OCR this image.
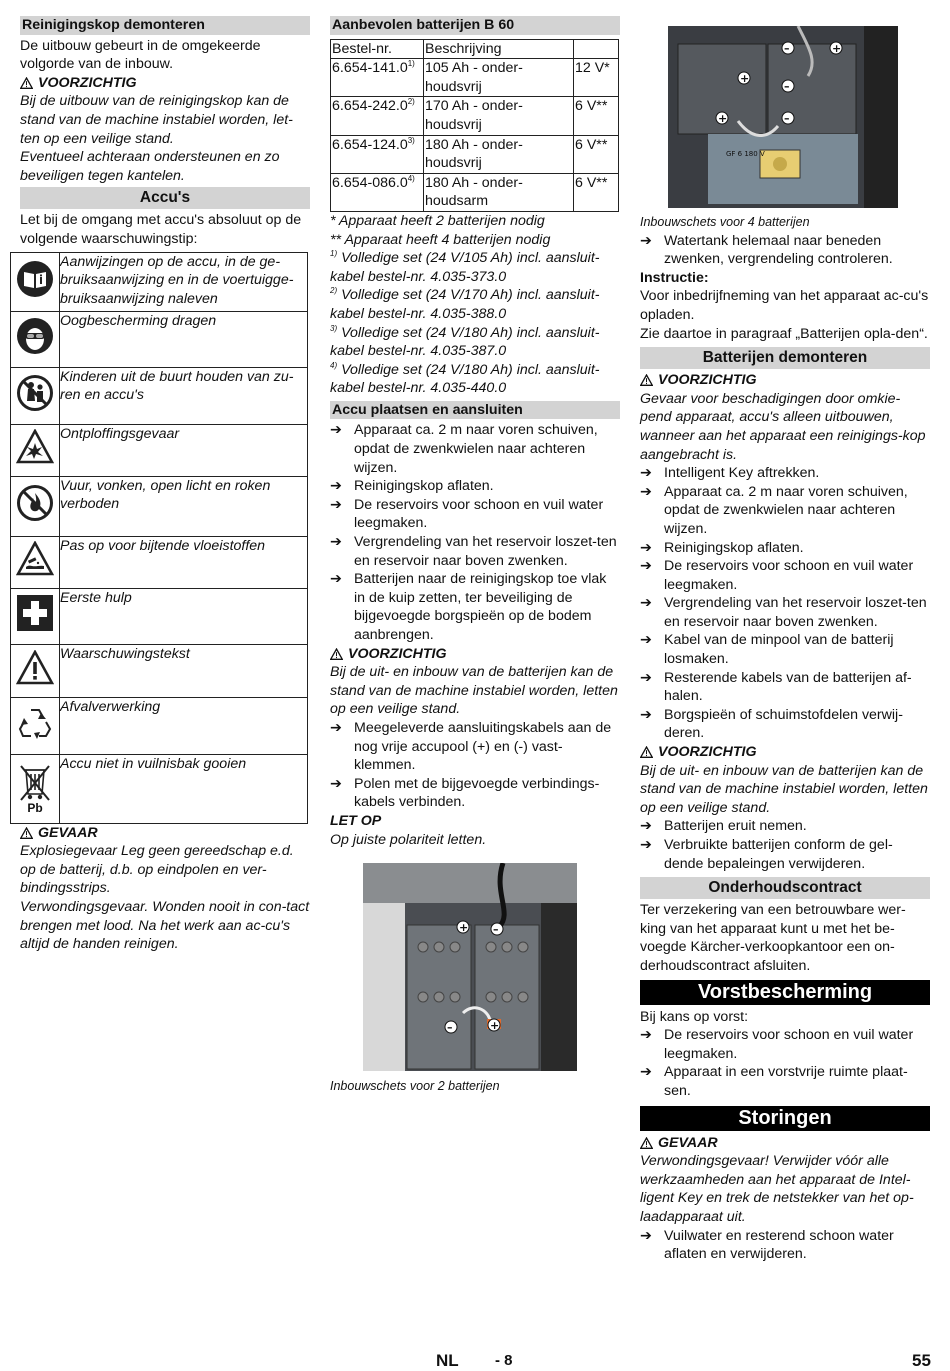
Reinigingskop demonteren

De uitbouw gebeurt in de omgekeerde volgorde van de inbouw.

VOORZICHTIG

Bij de uitbouw van de reinigingskop kan de stand van de machine instabiel worden, let-ten op een veilige stand.

Eventueel achteraan ondersteunen en zo beveiligen tegen kantelen.

Accu's

Let bij de omgang met accu's absoluut op de volgende waarschuwingstip:

	Aanwijzingen op de accu, in de ge-bruiksaanwijzing en in de voertuigge-bruiksaanwijzing naleven
	Oogbescherming dragen
	Kinderen uit de buurt houden van zu-ren en accu's
	Ontploffingsgevaar
	Vuur, vonken, open licht en roken verboden
	Pas op voor bijtende vloeistoffen
	Eerste hulp
	Waarschuwingstekst
	Afvalverwerking

Pb	Accu niet in vuilnisbak gooien
GEVAAR

Explosiegevaar Leg geen gereedschap e.d. op de batterij, d.b. op eindpolen en ver-bindingsstrips.

Verwondingsgevaar. Wonden nooit in con-tact brengen met lood. Na het werk aan ac-cu's altijd de handen reinigen.

Aanbevolen batterijen B 60
Bestel-nr.	Beschrijving	
6.654-141.0$^{1)}$	105 Ah - onder-houdsvrij	12 V*
6.654-242.0$^{2)}$	170 Ah - onder-houdsvrij	6 V**
6.654-124.0$^{3)}$	180 Ah - onder-houdsvrij	6 V**
6.654-086.0$^{4)}$	180 Ah - onder-houdsarm	6 V**

* Apparaat heeft 2 batterijen nodig

** Apparaat heeft 4 batterijen nodig

$^{1)}$ Volledige set (24 V/105 Ah) incl. aansluit-kabel bestel-nr. 4.035-373.0

$^{2)}$ Volledige set (24 V/170 Ah) incl. aansluit-kabel bestel-nr. 4.035-388.0

$^{3)}$ Volledige set (24 V/180 Ah) incl. aansluit-kabel bestel-nr. 4.035-387.0

$^{4)}$ Volledige set (24 V/180 Ah) incl. aansluit-kabel bestel-nr. 4.035-440.0

Accu plaatsen en aansluiten
➔ Apparaat ca. 2 m naar voren schuiven, opdat de zwenkwielen naar achteren wijzen.
➔ Reinigingskop aflaten.
➔ De reservoirs voor schoon en vuil water leegmaken.
➔ Vergrendeling van het reservoir loszet-ten en reservoir naar boven zwenken.
➔ Batterijen naar de reinigingskop toe vlak in de kuip zetten, ter beveiliging de bijgevoegde borgspieën op de bodem aanbrengen.
VOORZICHTIG

Bij de uit- en inbouw van de batterijen kan de stand van de machine instabiel worden, letten op een veilige stand.

➔ Meegeleverde aansluitingskabels aan de nog vrije accupool (+) en (-) vast-klemmen.
➔ Polen met de bijgevoegde verbindings-kabels verbinden.

LET OP

Op juiste polariteit letten.

+ –
–	+
Inbouwschets voor 2 batterijen
–	+
+
–
+	–
GF 6 180 V
Inbouwschets voor 4 batterijen
➔ Watertank helemaal naar beneden zwenken, vergrendeling controleren.

Instructie:

Voor inbedrijfneming van het apparaat ac-cu's opladen.

Zie daartoe in paragraaf „Batterijen opla-den“.

Batterijen demonteren
VOORZICHTIG

Gevaar voor beschadigingen door omkie-pend apparaat, accu's alleen uitbouwen, wanneer aan het apparaat een reinigings-kop aangebracht is.

➔ Intelligent Key aftrekken.
➔ Apparaat ca. 2 m naar voren schuiven, opdat de zwenkwielen naar achteren wijzen.
➔ Reinigingskop aflaten.
➔ De reservoirs voor schoon en vuil water leegmaken.
➔ Vergrendeling van het reservoir loszet-ten en reservoir naar boven zwenken.
➔ Kabel van de minpool van de batterij losmaken.
➔ Resterende kabels van de batterijen af-halen.
➔ Borgspieën of schuimstofdelen verwij-deren.
VOORZICHTIG

Bij de uit- en inbouw van de batterijen kan de stand van de machine instabiel worden, letten op een veilige stand.

➔ Batterijen eruit nemen.
➔ Verbruikte batterijen conform de gel-dende bepaleingen verwijderen.
Onderhoudscontract

Ter verzekering van een betrouwbare wer-king van het apparaat kunt u met het be-voegde Kärcher-verkoopkantoor een on-derhoudscontract afsluiten.

Vorstbescherming

Bij kans op vorst:

➔ De reservoirs voor schoon en vuil water leegmaken.
➔ Apparaat in een vorstvrije ruimte plaat-sen.
Storingen
GEVAAR

Verwondingsgevaar! Verwijder vóór alle werkzaamheden aan het apparaat de Intel-ligent Key en trek de netstekker van het op-laadapparaat uit.

➔ Vuilwater en resterend schoon water aflaten en verwijderen.
NL - 8	55
